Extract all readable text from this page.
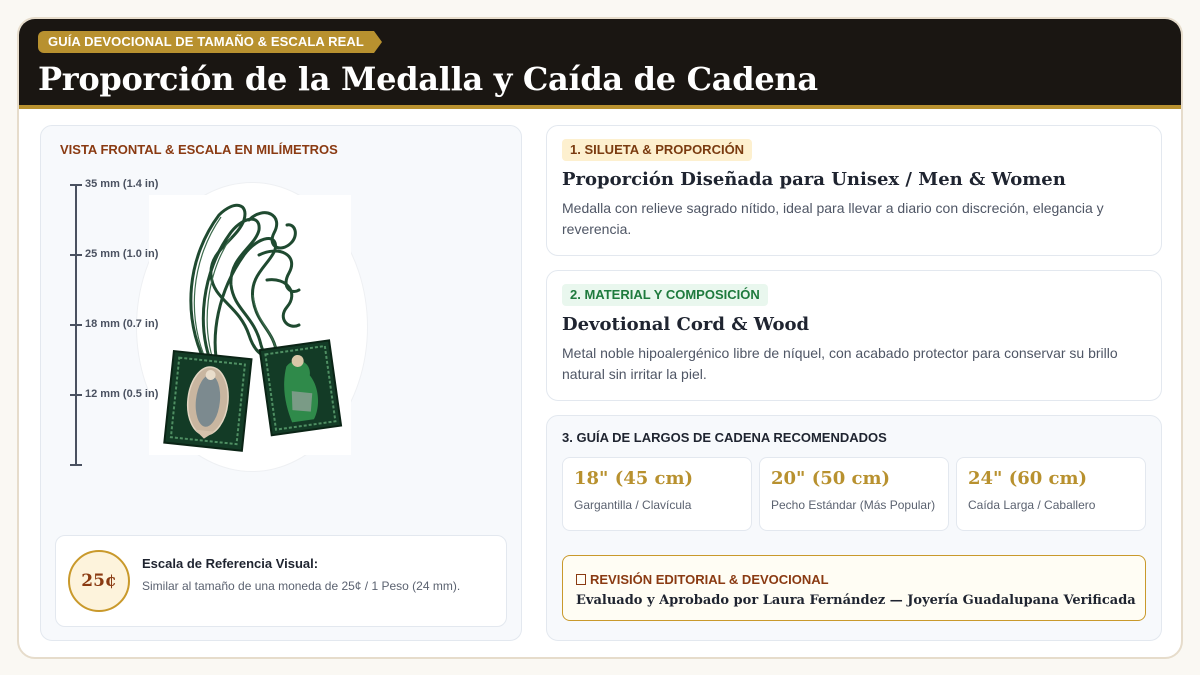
GUÍA DEVOCIONAL DE TAMAÑO & ESCALA REAL
Proporción de la Medalla y Caída de Cadena
VISTA FRONTAL & ESCALA EN MILÍMETROS
35 mm (1.4 in)
25 mm (1.0 in)
18 mm (0.7 in)
12 mm (0.5 in)
25¢
Escala de Referencia Visual:
Similar al tamaño de una moneda de 25¢ / 1 Peso (24 mm).
1. SILUETA & PROPORCIÓN
Proporción Diseñada para Unisex / Men & Women
Medalla con relieve sagrado nítido, ideal para llevar a diario con discreción, elegancia y reverencia.
2. MATERIAL Y COMPOSICIÓN
Devotional Cord & Wood
Metal noble hipoalergénico libre de níquel, con acabado protector para conservar su brillo natural sin irritar la piel.
3. GUÍA DE LARGOS DE CADENA RECOMENDADOS
18" (45 cm)
Gargantilla / Clavícula
20" (50 cm)
Pecho Estándar (Más Popular)
24" (60 cm)
Caída Larga / Caballero
REVISIÓN EDITORIAL & DEVOCIONAL
Evaluado y Aprobado por Laura Fernández — Joyería Guadalupana Verificada
